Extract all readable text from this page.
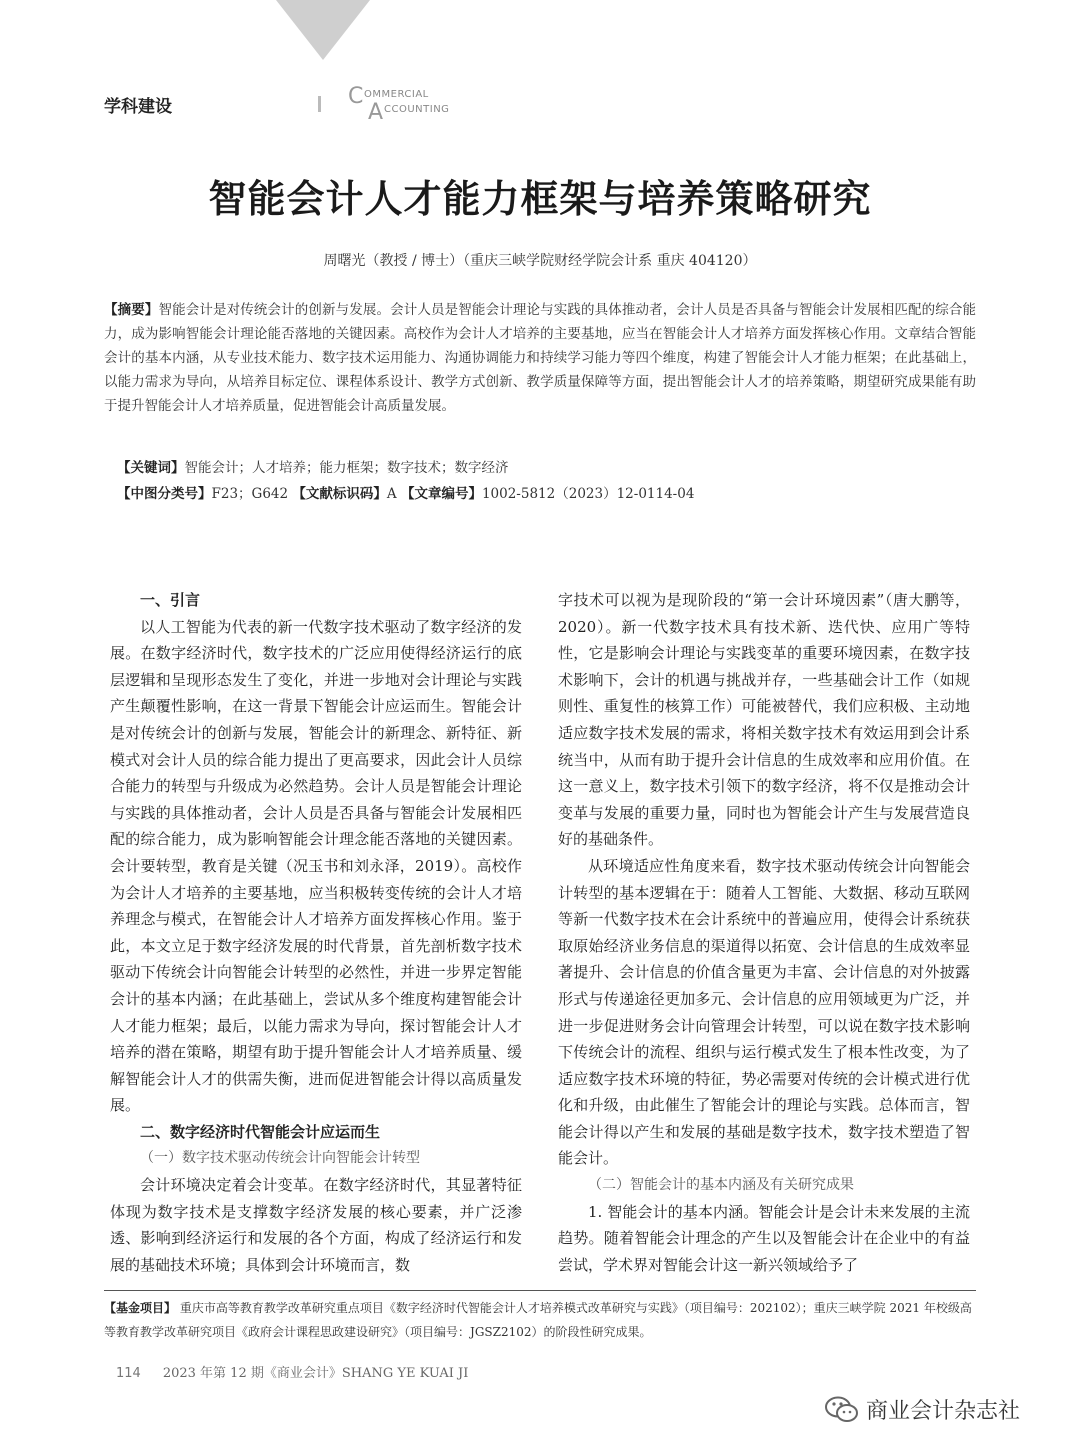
学科建设	C OMMERCIAL
A CCOUNTING
智能会计人才能力框架与培养策略研究
周曙光（教授 / 博士）（重庆三峡学院财经学院会计系 重庆 404120）
【摘要】智能会计是对传统会计的创新与发展。会计人员是智能会计理论与实践的具体推动者，会计人员是否具备与智能会计发展相匹配的综合能力，成为影响智能会计理论能否落地的关键因素。高校作为会计人才培养的主要基地，应当在智能会计人才培养方面发挥核心作用。文章结合智能会计的基本内涵，从专业技术能力、数字技术运用能力、沟通协调能力和持续学习能力等四个维度，构建了智能会计人才能力框架；在此基础上，以能力需求为导向，从培养目标定位、课程体系设计、教学方式创新、教学质量保障等方面，提出智能会计人才的培养策略，期望研究成果能有助于提升智能会计人才培养质量，促进智能会计高质量发展。
【关键词】智能会计；人才培养；能力框架；数字技术；数字经济
【中图分类号】F23；G642 【文献标识码】A 【文章编号】1002-5812（2023）12-0114-04

一、引言

以人工智能为代表的新一代数字技术驱动了数字经济的发展。在数字经济时代，数字技术的广泛应用使得经济运行的底层逻辑和呈现形态发生了变化，并进一步地对会计理论与实践产生颠覆性影响，在这一背景下智能会计应运而生。智能会计是对传统会计的创新与发展，智能会计的新理念、新特征、新模式对会计人员的综合能力提出了更高要求，因此会计人员综合能力的转型与升级成为必然趋势。会计人员是智能会计理论与实践的具体推动者，会计人员是否具备与智能会计发展相匹配的综合能力，成为影响智能会计理念能否落地的关键因素。会计要转型，教育是关键（况玉书和刘永泽，2019）。高校作为会计人才培养的主要基地，应当积极转变传统的会计人才培养理念与模式，在智能会计人才培养方面发挥核心作用。鉴于此，本文立足于数字经济发展的时代背景，首先剖析数字技术驱动下传统会计向智能会计转型的必然性，并进一步界定智能会计的基本内涵；在此基础上，尝试从多个维度构建智能会计人才能力框架；最后，以能力需求为导向，探讨智能会计人才培养的潜在策略，期望有助于提升智能会计人才培养质量、缓解智能会计人才的供需失衡，进而促进智能会计得以高质量发展。

二、数字经济时代智能会计应运而生

（一）数字技术驱动传统会计向智能会计转型

会计环境决定着会计变革。在数字经济时代，其显著特征体现为数字技术是支撑数字经济发展的核心要素，并广泛渗透、影响到经济运行和发展的各个方面，构成了经济运行和发展的基础技术环境；具体到会计环境而言，数

字技术可以视为是现阶段的“第一会计环境因素”（唐大鹏等，2020）。新一代数字技术具有技术新、迭代快、应用广等特性，它是影响会计理论与实践变革的重要环境因素，在数字技术影响下，会计的机遇与挑战并存，一些基础会计工作（如规则性、重复性的核算工作）可能被替代，我们应积极、主动地适应数字技术发展的需求，将相关数字技术有效运用到会计系统当中，从而有助于提升会计信息的生成效率和应用价值。在这一意义上，数字技术引领下的数字经济，将不仅是推动会计变革与发展的重要力量，同时也为智能会计产生与发展营造良好的基础条件。

从环境适应性角度来看，数字技术驱动传统会计向智能会计转型的基本逻辑在于：随着人工智能、大数据、移动互联网等新一代数字技术在会计系统中的普遍应用，使得会计系统获取原始经济业务信息的渠道得以拓宽、会计信息的生成效率显著提升、会计信息的价值含量更为丰富、会计信息的对外披露形式与传递途径更加多元、会计信息的应用领域更为广泛，并进一步促进财务会计向管理会计转型，可以说在数字技术影响下传统会计的流程、组织与运行模式发生了根本性改变，为了适应数字技术环境的特征，势必需要对传统的会计模式进行优化和升级，由此催生了智能会计的理论与实践。总体而言，智能会计得以产生和发展的基础是数字技术，数字技术塑造了智能会计。

（二）智能会计的基本内涵及有关研究成果

1. 智能会计的基本内涵。智能会计是会计未来发展的主流趋势。随着智能会计理念的产生以及智能会计在企业中的有益尝试，学术界对智能会计这一新兴领域给予了

【基金项目】 重庆市高等教育教学改革研究重点项目《数字经济时代智能会计人才培养模式改革研究与实践》（项目编号：202102）；重庆三峡学院 2021 年校级高等教育教学改革研究项目《政府会计课程思政建设研究》（项目编号：JGSZ2102）的阶段性研究成果。
114 2023 年第 12 期《商业会计》SHANG YE KUAI JI
商业会计杂志社
